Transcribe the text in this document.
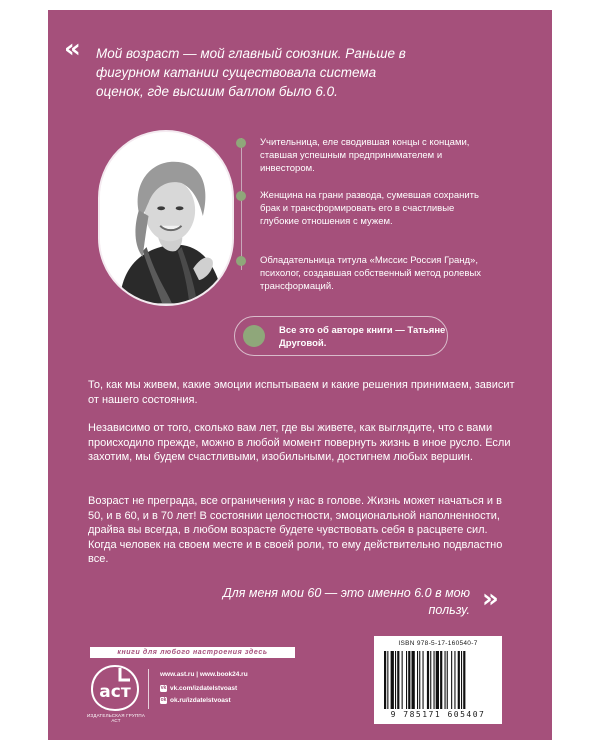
« Мой возраст — мой главный союзник. Раньше в фигурном катании существовала система оценок, где высшим баллом было 6.0.
Учительница, еле сводившая концы с концами, ставшая успешным предпринимателем и инвестором.
Женщина на грани развода, сумевшая сохранить брак и трансформировать его в счастливые глубокие отношения с мужем.
Обладательница титула «Миссис Россия Гранд», психолог, создавшая собственный метод ролевых трансформаций.
Все это об авторе книги — Татьяне Друговой.
То, как мы живем, какие эмоции испытываем и какие решения принимаем, зависит от нашего состояния.
Независимо от того, сколько вам лет, где вы живете, как выглядите, что с вами происходило прежде, можно в любой момент повернуть жизнь в иное русло. Если захотим, мы будем счастливыми, изобильными, достигнем любых вершин.
Возраст не преграда, все ограничения у нас в голове. Жизнь может начаться и в 50, и в 60, и в 70 лет! В состоянии целостности, эмоциональной наполненности, драйва вы всегда, в любом возрасте будете чувствовать себя в расцвете сил. Когда человек на своем месте и в своей роли, то ему действительно подвластно все.
Для меня мои 60 — это именно 6.0 в мою пользу. »
книги для любого настроения здесь
аст
ИЗДАТЕЛЬСКАЯ ГРУППА АСТ
www.ast.ru | www.book24.ru
vk vk.com/izdatelstvoast
ok ok.ru/izdatelstvoast
ISBN 978-5-17-160540-7
9 785171 605407
